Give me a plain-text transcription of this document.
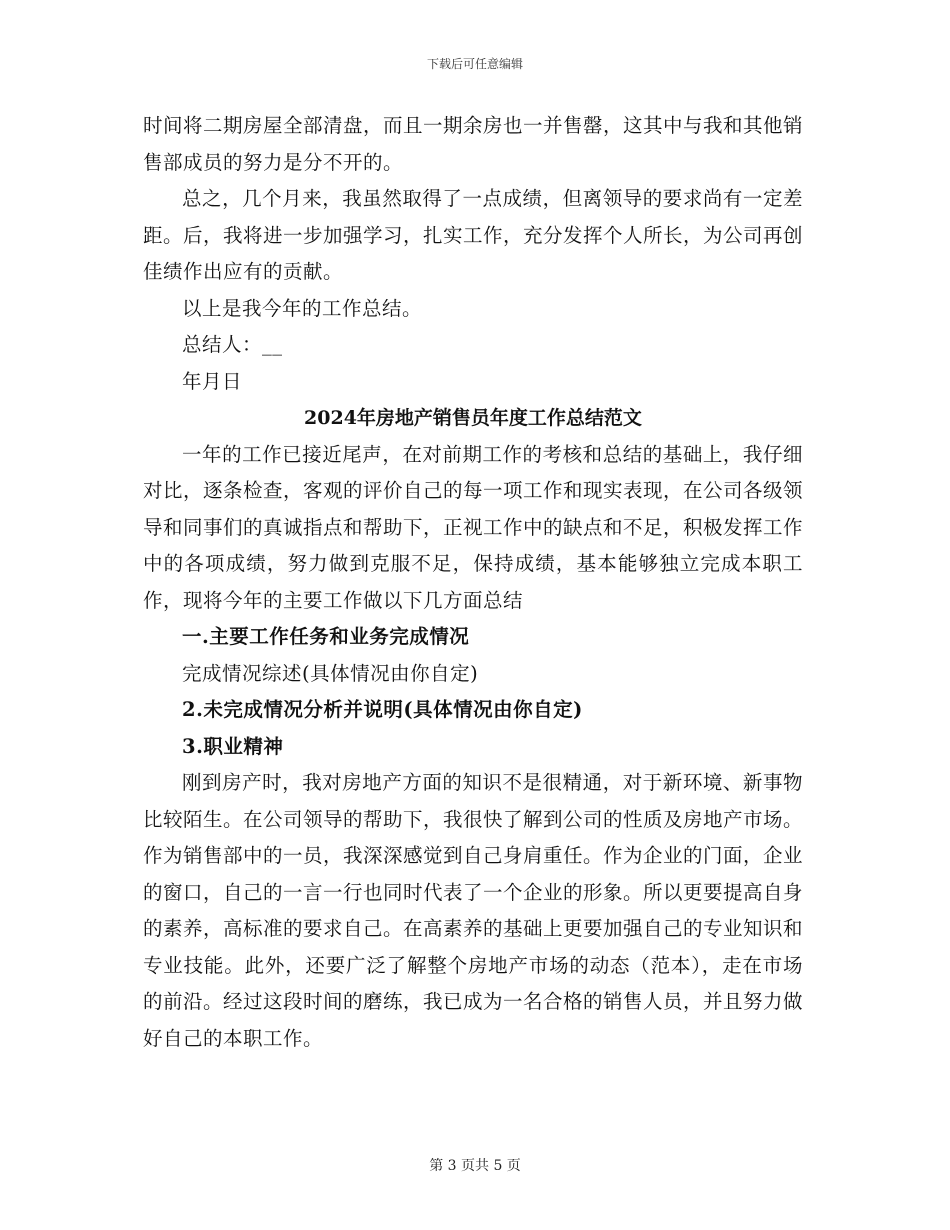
下载后可任意编辑

时间将二期房屋全部清盘，而且一期余房也一并售罄，这其中与我和其他销售部成员的努力是分不开的。

总之，几个月来，我虽然取得了一点成绩，但离领导的要求尚有一定差距。后，我将进一步加强学习，扎实工作，充分发挥个人所长，为公司再创佳绩作出应有的贡献。

以上是我今年的工作总结。

总结人：__

年月日

2024年房地产销售员年度工作总结范文

一年的工作已接近尾声，在对前期工作的考核和总结的基础上，我仔细对比，逐条检查，客观的评价自己的每一项工作和现实表现，在公司各级领导和同事们的真诚指点和帮助下，正视工作中的缺点和不足，积极发挥工作中的各项成绩，努力做到克服不足，保持成绩，基本能够独立完成本职工作，现将今年的主要工作做以下几方面总结

一.主要工作任务和业务完成情况

完成情况综述(具体情况由你自定)

2.未完成情况分析并说明(具体情况由你自定)

3.职业精神

刚到房产时，我对房地产方面的知识不是很精通，对于新环境、新事物比较陌生。在公司领导的帮助下，我很快了解到公司的性质及房地产市场。作为销售部中的一员，我深深感觉到自己身肩重任。作为企业的门面，企业的窗口，自己的一言一行也同时代表了一个企业的形象。所以更要提高自身的素养，高标准的要求自己。在高素养的基础上更要加强自己的专业知识和专业技能。此外，还要广泛了解整个房地产市场的动态（范本），走在市场的前沿。经过这段时间的磨练，我已成为一名合格的销售人员，并且努力做好自己的本职工作。

第 3 页共 5 页
